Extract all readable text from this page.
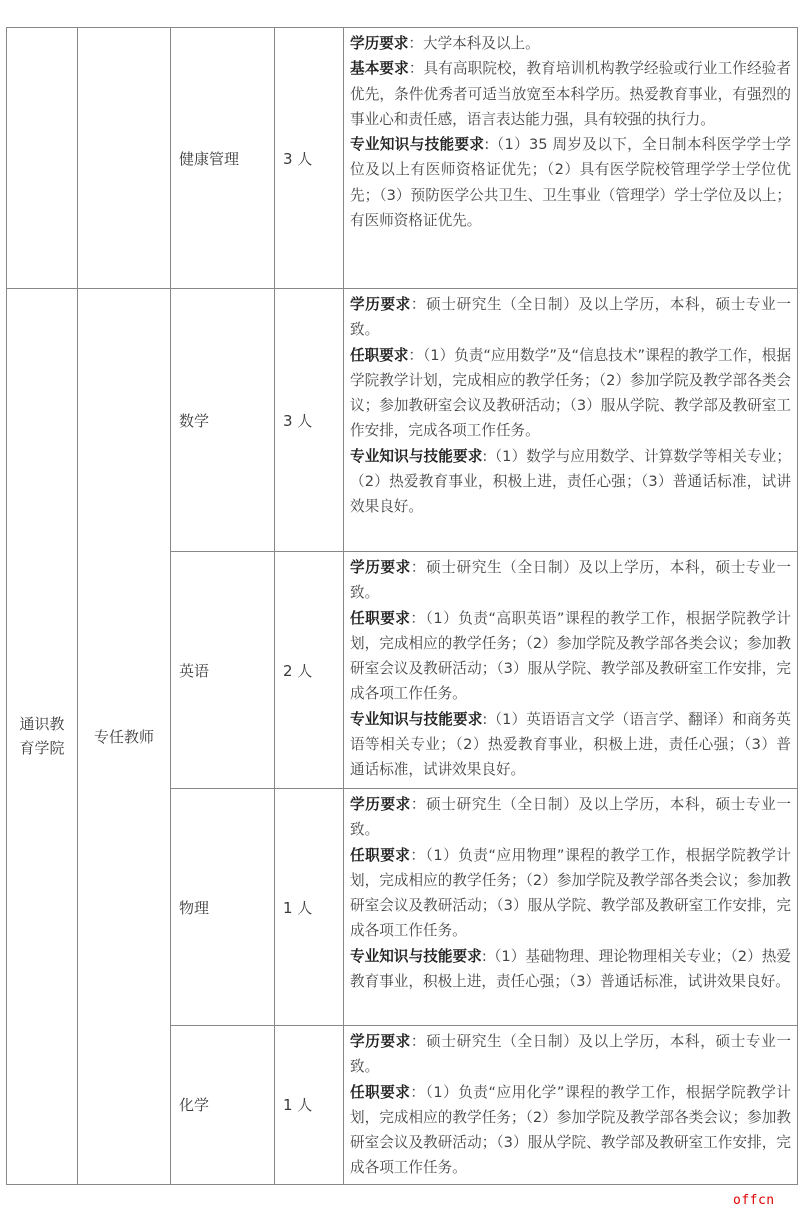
		健康管理	3 人	学历要求：大学本科及以上。
基本要求：具有高职院校，教育培训机构教学经验或行业工作经验者优先，条件优秀者可适当放宽至本科学历。热爱教育事业，有强烈的事业心和责任感，语言表达能力强，具有较强的执行力。
专业知识与技能要求:（1）35 周岁及以下，全日制本科医学学士学位及以上有医师资格证优先；（2）具有医学院校管理学学士学位优先；（3）预防医学公共卫生、卫生事业（管理学）学士学位及以上；有医师资格证优先。
通识教育学院	专任教师	数学	3 人	学历要求：硕士研究生（全日制）及以上学历，本科，硕士专业一致。
任职要求：（1）负责“应用数学”及“信息技术”课程的教学工作，根据学院教学计划，完成相应的教学任务；（2）参加学院及教学部各类会议；参加教研室会议及教研活动；（3）服从学院、教学部及教研室工作安排，完成各项工作任务。
专业知识与技能要求:（1）数学与应用数学、计算数学等相关专业；（2）热爱教育事业，积极上进，责任心强；（3）普通话标准，试讲效果良好。
		英语	2 人	学历要求：硕士研究生（全日制）及以上学历，本科，硕士专业一致。
任职要求：（1）负责“高职英语”课程的教学工作，根据学院教学计划，完成相应的教学任务；（2）参加学院及教学部各类会议；参加教研室会议及教研活动；（3）服从学院、教学部及教研室工作安排，完成各项工作任务。
专业知识与技能要求:（1）英语语言文学（语言学、翻译）和商务英语等相关专业；（2）热爱教育事业，积极上进，责任心强；（3）普通话标准，试讲效果良好。
		物理	1 人	学历要求：硕士研究生（全日制）及以上学历，本科，硕士专业一致。
任职要求：（1）负责“应用物理”课程的教学工作，根据学院教学计划，完成相应的教学任务；（2）参加学院及教学部各类会议；参加教研室会议及教研活动；（3）服从学院、教学部及教研室工作安排，完成各项工作任务。
专业知识与技能要求:（1）基础物理、理论物理相关专业；（2）热爱教育事业，积极上进，责任心强；（3）普通话标准，试讲效果良好。
		化学	1 人	学历要求：硕士研究生（全日制）及以上学历，本科，硕士专业一致。
任职要求：（1）负责“应用化学”课程的教学工作，根据学院教学计划，完成相应的教学任务；（2）参加学院及教学部各类会议；参加教研室会议及教研活动；（3）服从学院、教学部及教研室工作安排，完成各项工作任务。
offcn
